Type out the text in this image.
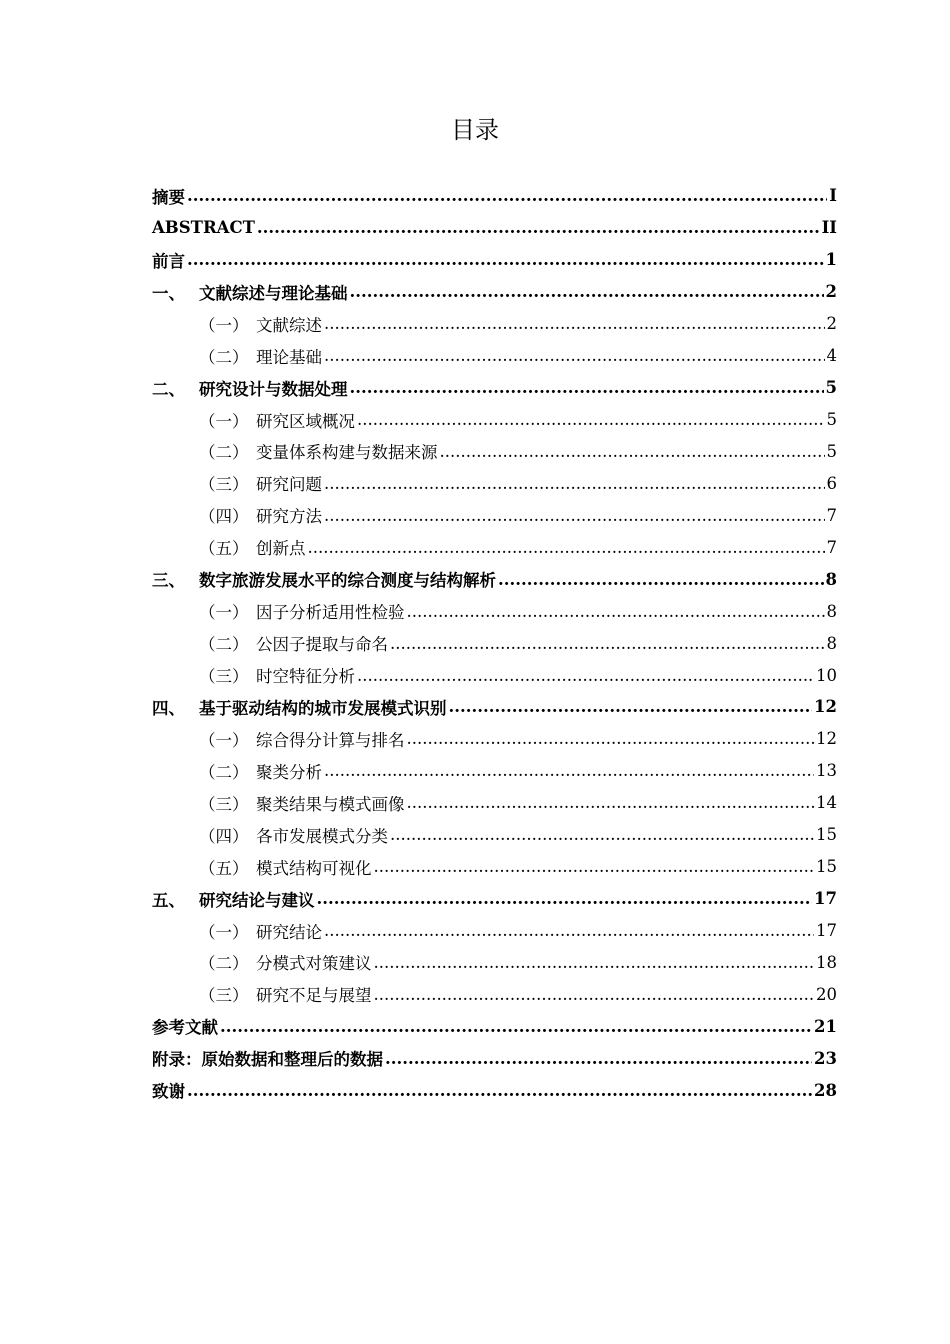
目录
摘要 .....	I
ABSTRACT .....	II
前言 .....	1
一、 文献综述与理论基础 .....	2
（一） 文献综述 .....	2
（二） 理论基础 .....	4
二、 研究设计与数据处理 .....	5
（一） 研究区域概况 .....	5
（二） 变量体系构建与数据来源 .....	5
（三） 研究问题 .....	6
（四） 研究方法 .....	7
（五） 创新点 .....	7
三、 数字旅游发展水平的综合测度与结构解析 .....	8
（一） 因子分析适用性检验 .....	8
（二） 公因子提取与命名 .....	8
（三） 时空特征分析 .....	10
四、 基于驱动结构的城市发展模式识别 .....	12
（一） 综合得分计算与排名 .....	12
（二） 聚类分析 .....	13
（三） 聚类结果与模式画像 .....	14
（四） 各市发展模式分类 .....	15
（五） 模式结构可视化 .....	15
五、 研究结论与建议 .....	17
（一） 研究结论 .....	17
（二） 分模式对策建议 .....	18
（三） 研究不足与展望 .....	20
参考文献 .....	21
附录：原始数据和整理后的数据 .....	23
致谢 .....	28
